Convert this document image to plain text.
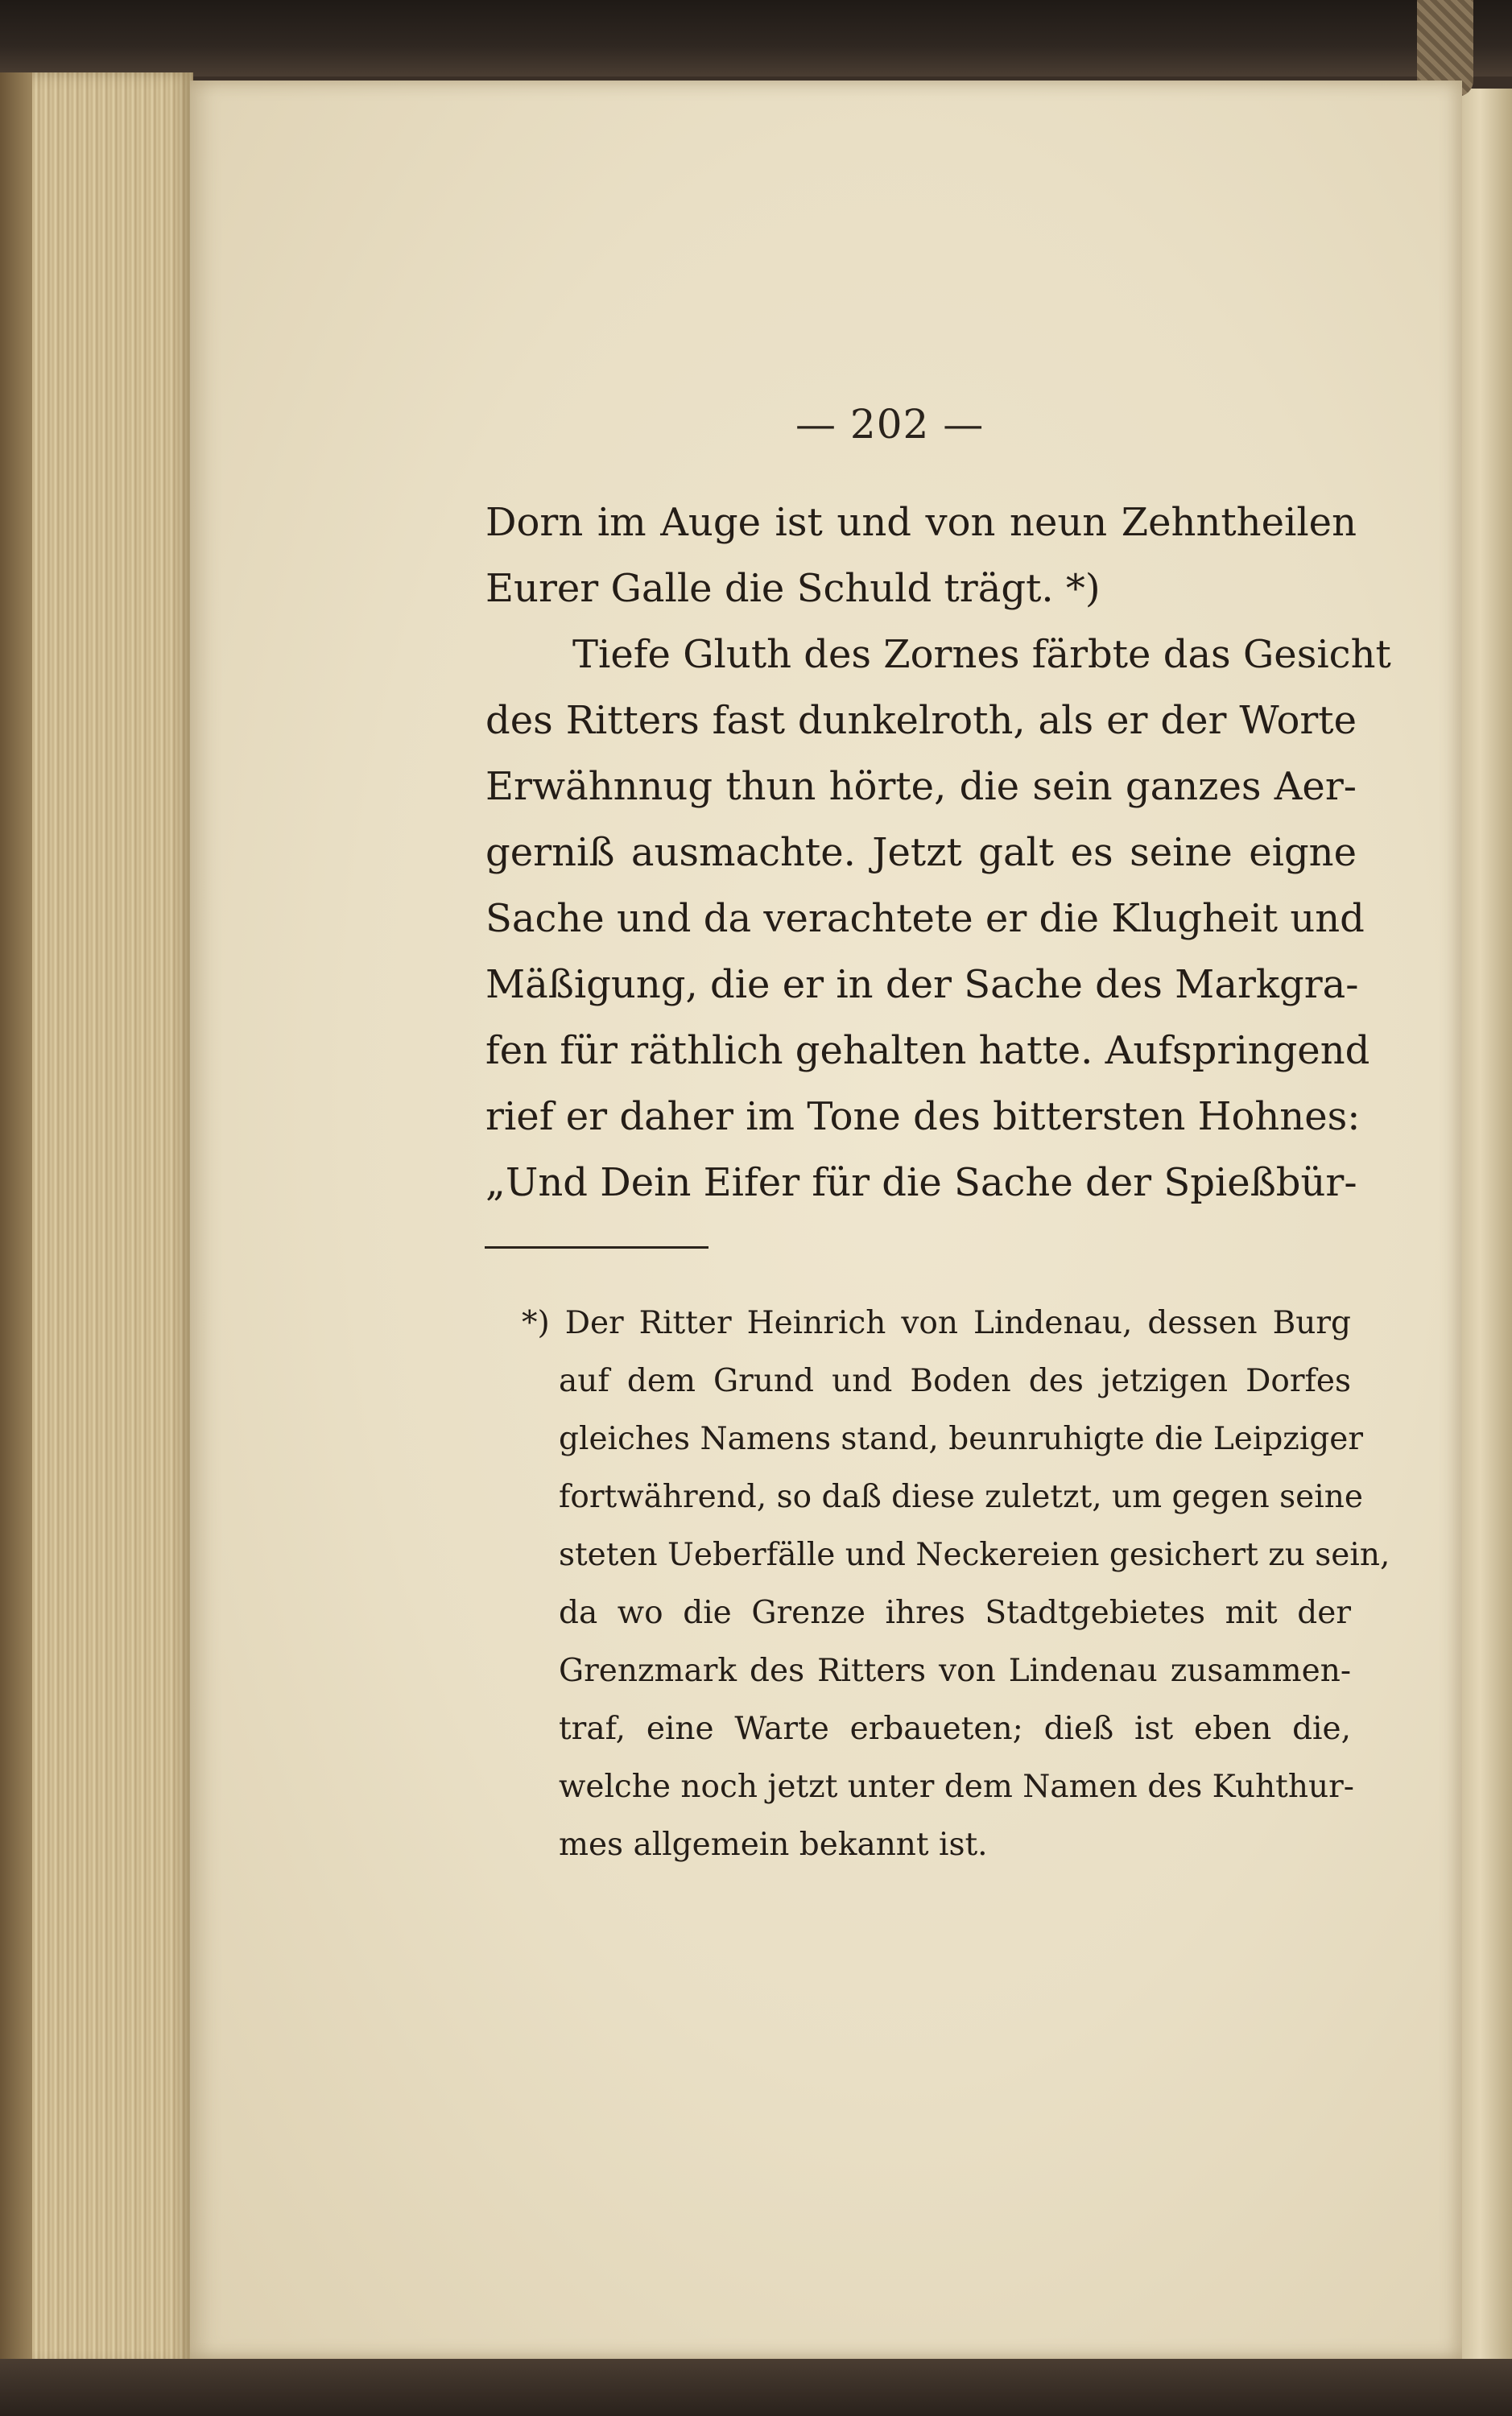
— 202 —
Dorn im Auge ist und von neun Zehntheilen
Eurer Galle die Schuld trägt. *)
Tiefe Gluth des Zornes färbte das Gesicht
des Ritters fast dunkelroth, als er der Worte
Erwähnnug thun hörte, die sein ganzes Aer-
gerniß ausmachte. Jetzt galt es seine eigne
Sache und da verachtete er die Klugheit und
Mäßigung, die er in der Sache des Markgra-
fen für räthlich gehalten hatte. Aufspringend
rief er daher im Tone des bittersten Hohnes:
„Und Dein Eifer für die Sache der Spießbür-
*) Der Ritter Heinrich von Lindenau, dessen Burg
auf dem Grund und Boden des jetzigen Dorfes
gleiches Namens stand, beunruhigte die Leipziger
fortwährend, so daß diese zuletzt, um gegen seine
steten Ueberfälle und Neckereien gesichert zu sein,
da wo die Grenze ihres Stadtgebietes mit der
Grenzmark des Ritters von Lindenau zusammen-
traf, eine Warte erbaueten; dieß ist eben die,
welche noch jetzt unter dem Namen des Kuhthur-
mes allgemein bekannt ist.
